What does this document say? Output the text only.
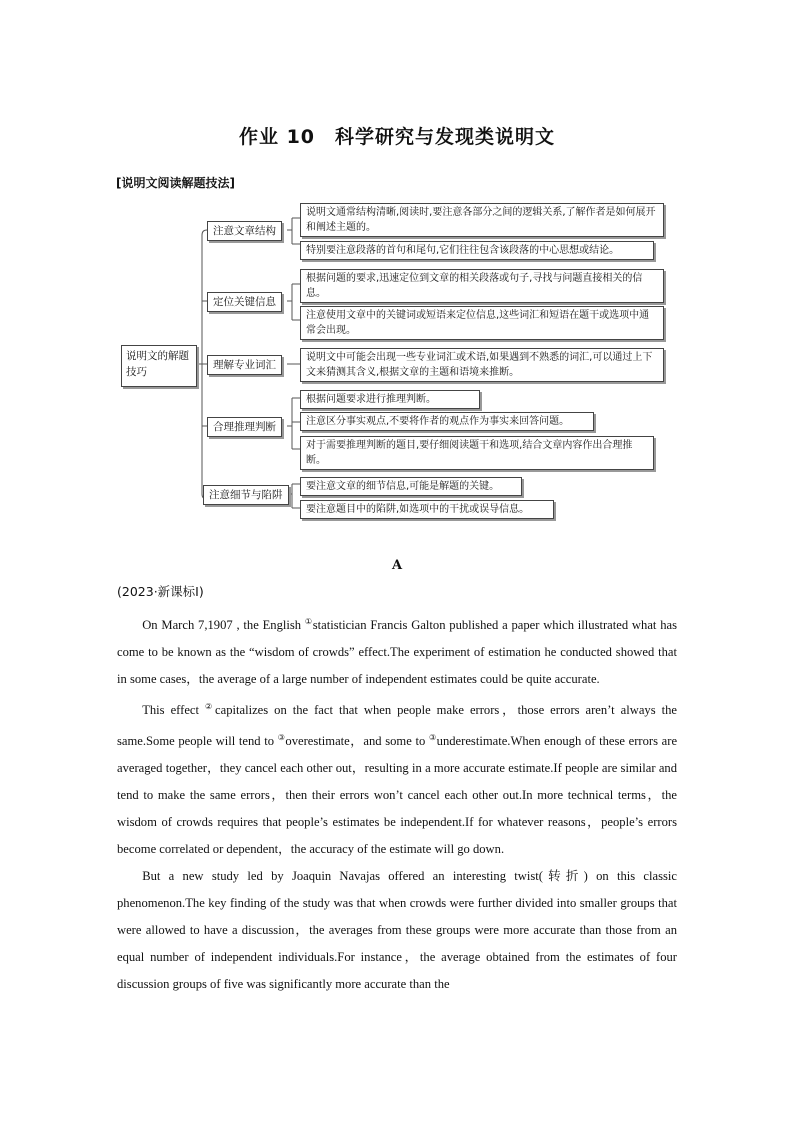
作业 10　科学研究与发现类说明文
[说明文阅读解题技法]
说明文的解题技巧
注意文章结构
定位关键信息
理解专业词汇
合理推理判断
注意细节与陷阱
说明文通常结构清晰,阅读时,要注意各部分之间的逻辑关系,了解作者是如何展开和阐述主题的。
特别要注意段落的首句和尾句,它们往往包含该段落的中心思想或结论。
根据问题的要求,迅速定位到文章的相关段落或句子,寻找与问题直接相关的信息。
注意使用文章中的关键词或短语来定位信息,这些词汇和短语在题干或选项中通常会出现。
说明文中可能会出现一些专业词汇或术语,如果遇到不熟悉的词汇,可以通过上下文来猜测其含义,根据文章的主题和语境来推断。
根据问题要求进行推理判断。
注意区分事实观点,不要将作者的观点作为事实来回答问题。
对于需要推理判断的题目,要仔细阅读题干和选项,结合文章内容作出合理推断。
要注意文章的细节信息,可能是解题的关键。
要注意题目中的陷阱,如选项中的干扰或误导信息。
A
(2023·新课标Ⅰ)

On March 7,1907 , the English ①statistician Francis Galton published a paper which illustrated what has come to be known as the “wisdom of crowds” effect.The experiment of estimation he conducted showed that in some cases，the average of a large number of independent estimates could be quite accurate.

This effect ②capitalizes on the fact that when people make errors，those errors aren’t always the same.Some people will tend to ③overestimate，and some to ③underestimate.When enough of these errors are averaged together，they cancel each other out，resulting in a more accurate estimate.If people are similar and tend to make the same errors，then their errors won’t cancel each other out.In more technical terms，the wisdom of crowds requires that people’s estimates be independent.If for whatever reasons，people’s errors become correlated or dependent，the accuracy of the estimate will go down.

But a new study led by Joaquin Navajas offered an interesting twist(转折) on this classic phenomenon.The key finding of the study was that when crowds were further divided into smaller groups that were allowed to have a discussion，the averages from these groups were more accurate than those from an equal number of independent individuals.For instance，the average obtained from the estimates of four discussion groups of five was significantly more accurate than the
